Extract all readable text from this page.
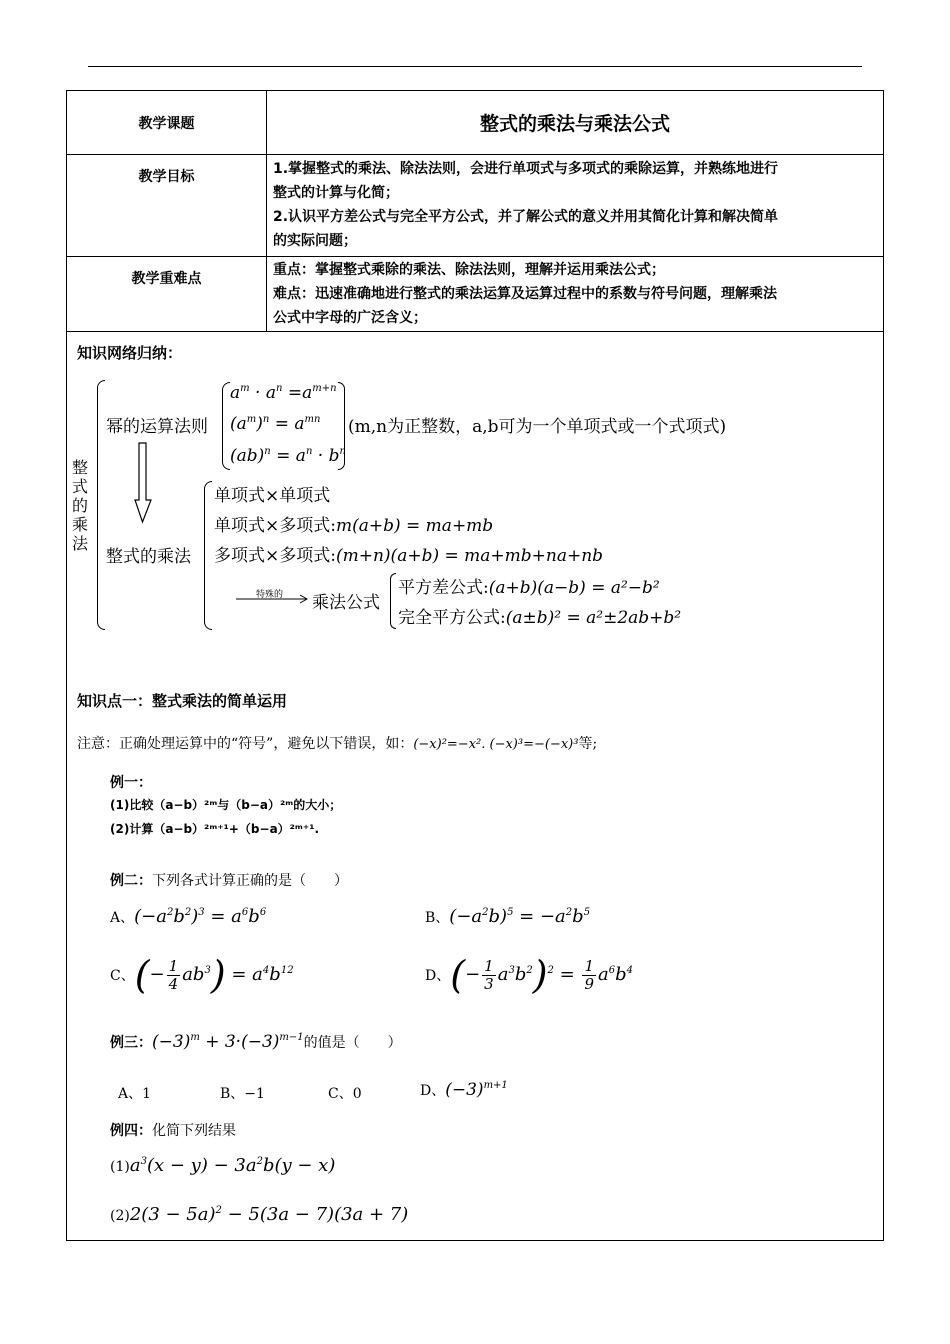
教学课题	整式的乘法与乘法公式
教学目标	1.掌握整式的乘法、除法法则，会进行单项式与多项式的乘除运算，并熟练地进行
整式的计算与化简；
2.认识平方差公式与完全平方公式，并了解公式的意义并用其简化计算和解决简单
的实际问题；

教学重难点	重点：掌握整式乘除的乘法、除法法则，理解并运用乘法公式；
难点：迅速准确地进行整式的乘法运算及运算过程中的系数与符号问题，理解乘法
公式中字母的广泛含义；
知识网络归纳：
整式的乘法
幂的运算法则
$a^m \cdot a^n =a^{m+n}$
$(a^m)^n = a^{mn}$
$(ab)^n = a^n \cdot b^n$
(m,n为正整数，a,b可为一个单项式或一个式项式)
整式的乘法
单项式×单项式
单项式×多项式:m(a+b) = ma+mb
多项式×多项式:(m+n)(a+b) = ma+mb+na+nb
特殊的 乘法公式
平方差公式:(a+b)(a−b) = a²−b²
完全平方公式:(a±b)² = a²±2ab+b²
知识点一：整式乘法的简单运用
注意：正确处理运算中的“符号”，避免以下错误，如：(−x)²=−x². (−x)³=−(−x)³等;
例一：
(1)比较（a−b）²ᵐ与（b−a）²ᵐ的大小；
(2)计算（a−b）²ᵐ⁺¹+（b−a）²ᵐ⁺¹.
例二：下列各式计算正确的是（　　）
A、$(-a^2b^2)^3 = a^6b^6$	B、$(-a^2b)^5 = -a^2b^5$
C、(− $\frac{1}{4} ab^3) = a^4b^{12}$	D、(− $\frac{1}{3} a^3b^2)^2 = \frac{1}{9} a^6b^4$
例三：$(-3)^m + 3\cdot(-3)^{m-1}$的值是（　　）
A、1	B、−1	C、0	D、$(-3)^{m+1}$
例四：化简下列结果
$(1)a^3(x - y) - 3a^2b(y - x)$
$(2)2(3 - 5a)^2 - 5(3a - 7)(3a + 7)$
